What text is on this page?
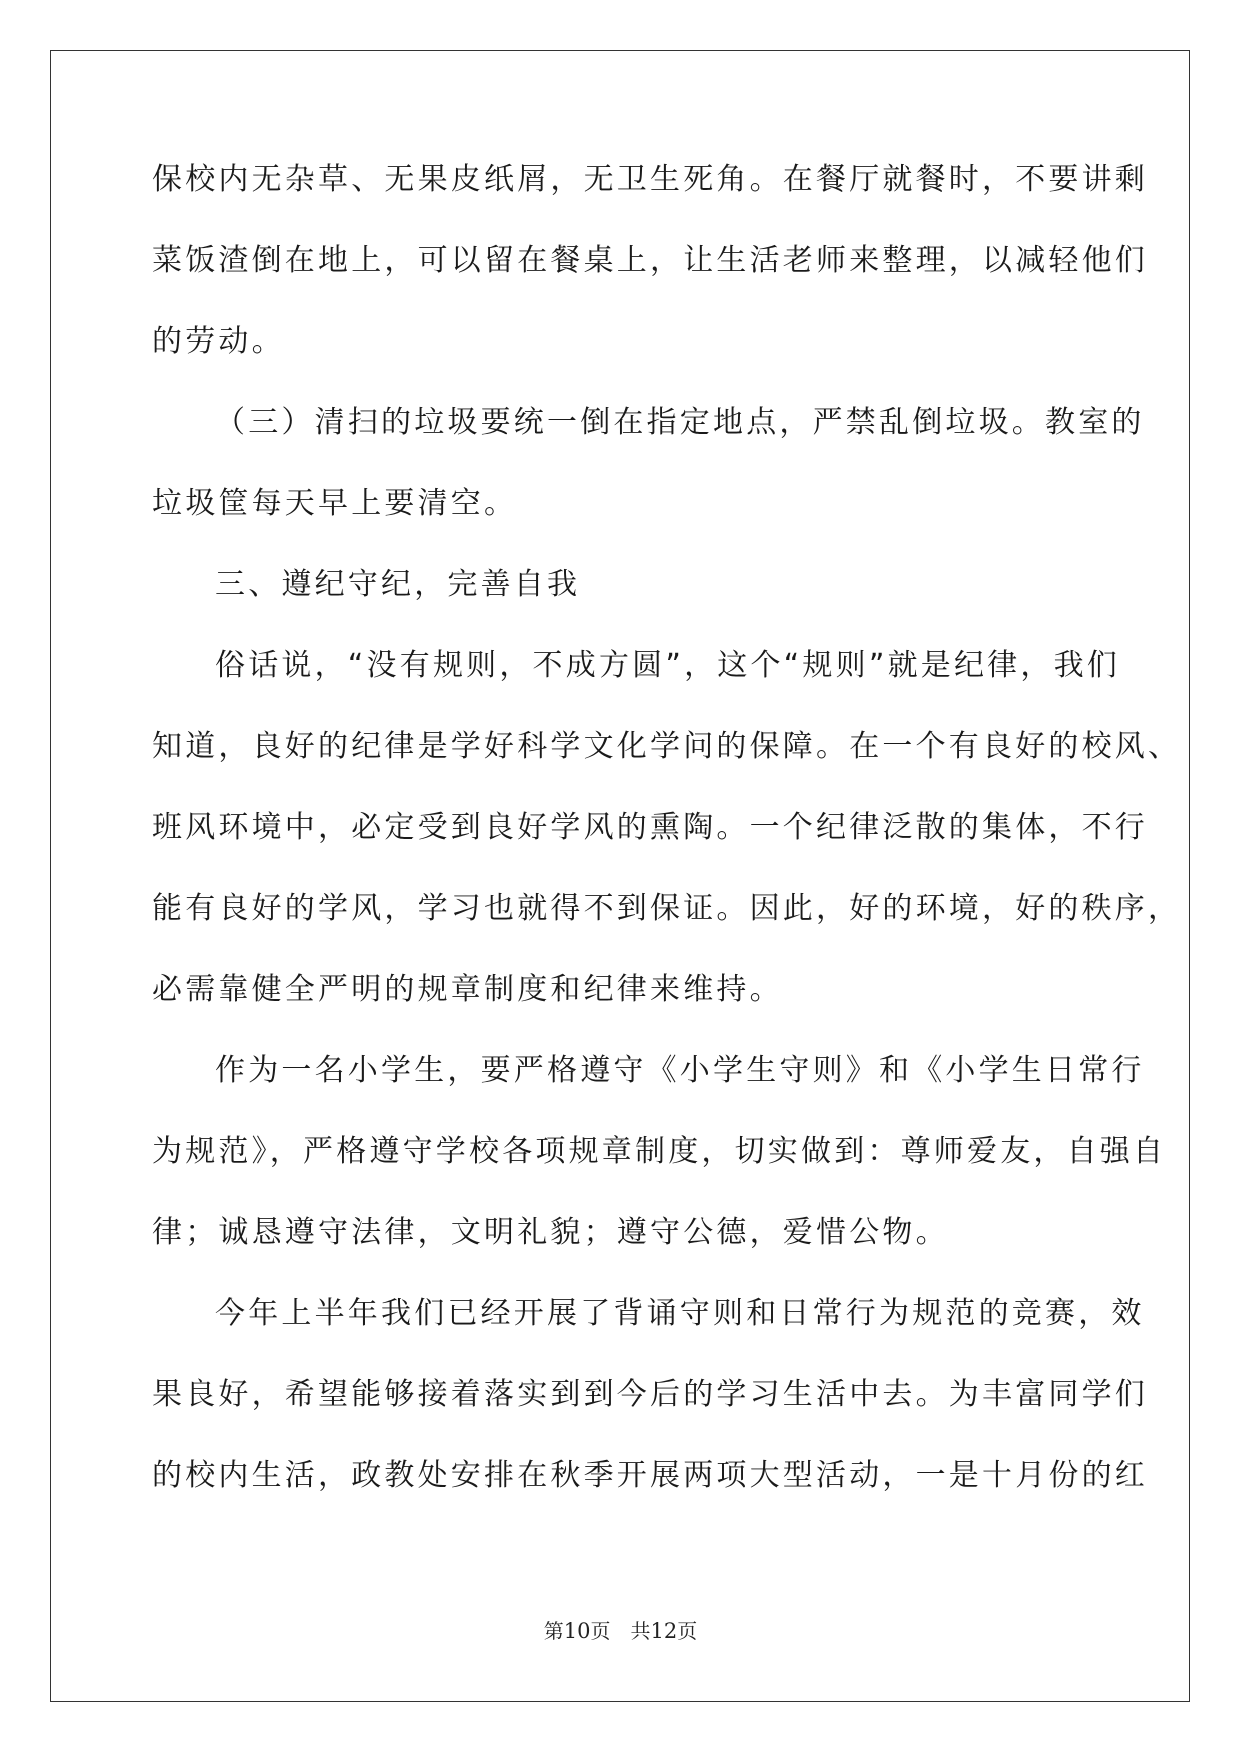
保校内无杂草、无果皮纸屑，无卫生死角。在餐厅就餐时，不要讲剩
菜饭渣倒在地上，可以留在餐桌上，让生活老师来整理，以减轻他们
的劳动。
（三）清扫的垃圾要统一倒在指定地点，严禁乱倒垃圾。教室的
垃圾筐每天早上要清空。
三、遵纪守纪，完善自我
俗话说，“没有规则，不成方圆”，这个“规则”就是纪律，我们
知道，良好的纪律是学好科学文化学问的保障。在一个有良好的校风、
班风环境中，必定受到良好学风的熏陶。一个纪律泛散的集体，不行
能有良好的学风，学习也就得不到保证。因此，好的环境，好的秩序，
必需靠健全严明的规章制度和纪律来维持。
作为一名小学生，要严格遵守《小学生守则》和《小学生日常行
为规范》，严格遵守学校各项规章制度，切实做到：尊师爱友，自强自
律；诚恳遵守法律，文明礼貌；遵守公德，爱惜公物。
今年上半年我们已经开展了背诵守则和日常行为规范的竞赛，效
果良好，希望能够接着落实到到今后的学习生活中去。为丰富同学们
的校内生活，政教处安排在秋季开展两项大型活动，一是十月份的红
第10页　共12页
